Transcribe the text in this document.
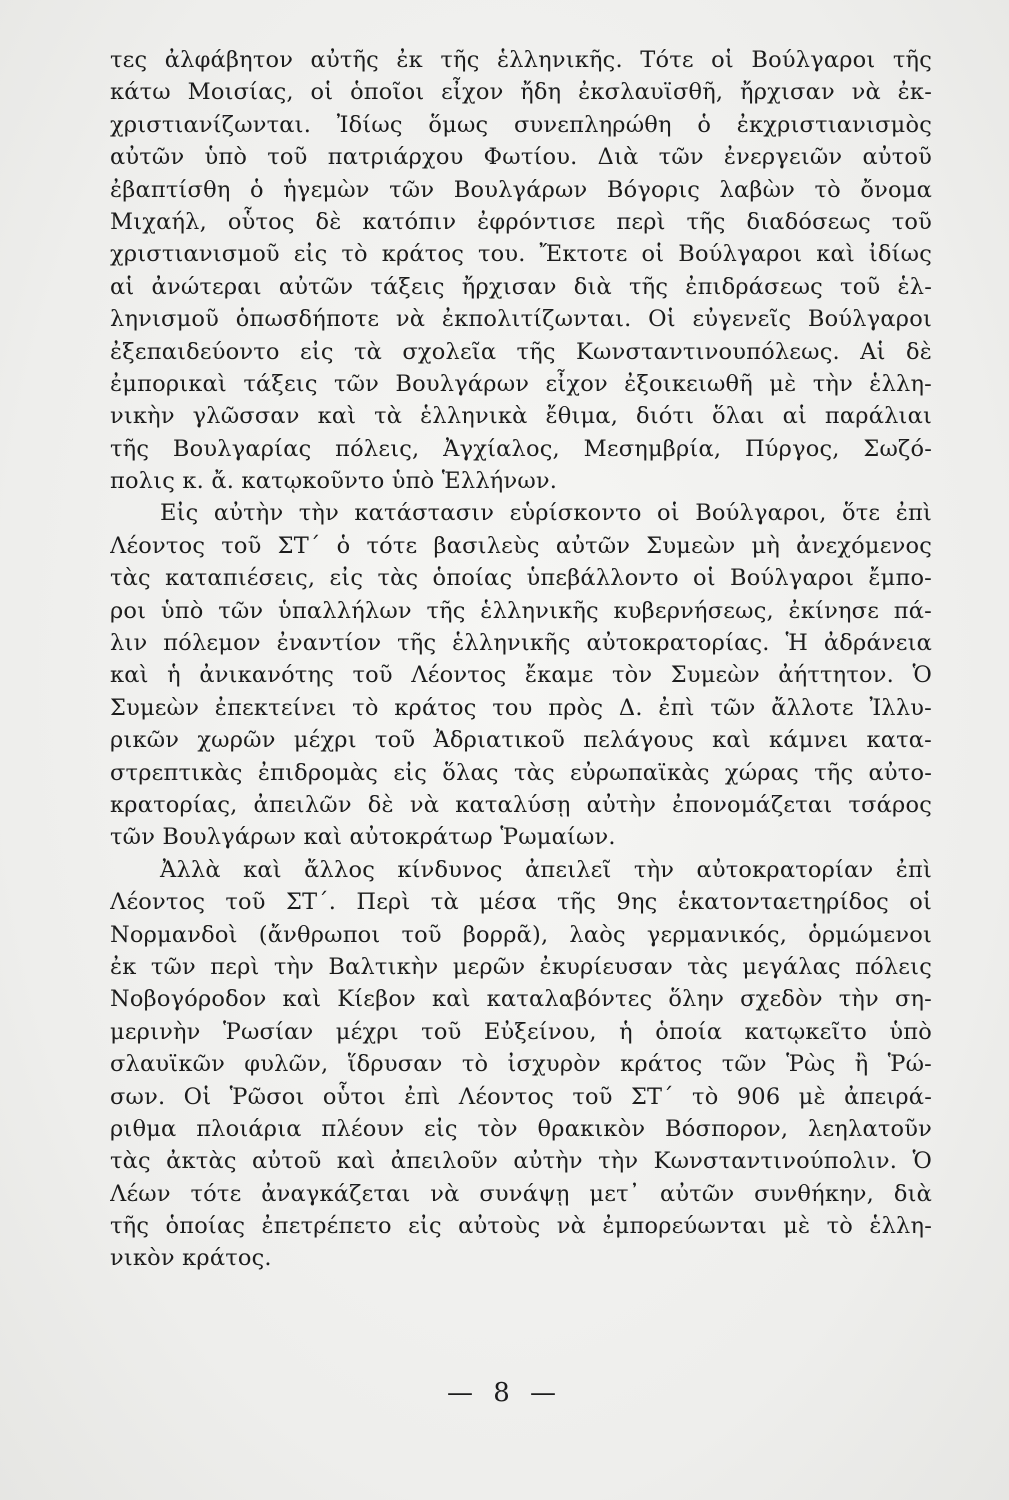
τες ἀλφάβητον αὐτῆς ἐκ τῆς ἑλληνικῆς. Τότε οἱ Βούλγαροι τῆς
κάτω Μοισίας, οἱ ὁποῖοι εἶχον ἤδη ἐκσλαυϊσθῆ, ἤρχισαν νὰ ἐκ-
χριστιανίζωνται. Ἰδίως ὅμως συνεπληρώθη ὁ ἐκχριστιανισμὸς
αὐτῶν ὑπὸ τοῦ πατριάρχου Φωτίου. Διὰ τῶν ἐνεργειῶν αὐτοῦ
ἐβαπτίσθη ὁ ἡγεμὼν τῶν Βουλγάρων Βόγορις λαβὼν τὸ ὄνομα
Μιχαήλ, οὗτος δὲ κατόπιν ἐφρόντισε περὶ τῆς διαδόσεως τοῦ
χριστιανισμοῦ εἰς τὸ κράτος του. Ἔκτοτε οἱ Βούλγαροι καὶ ἰδίως
αἱ ἀνώτεραι αὐτῶν τάξεις ἤρχισαν διὰ τῆς ἐπιδράσεως τοῦ ἑλ-
ληνισμοῦ ὁπωσδήποτε νὰ ἐκπολιτίζωνται. Οἱ εὐγενεῖς Βούλγαροι
ἐξεπαιδεύοντο εἰς τὰ σχολεῖα τῆς Κωνσταντινουπόλεως. Αἱ δὲ
ἐμπορικαὶ τάξεις τῶν Βουλγάρων εἶχον ἐξοικειωθῆ μὲ τὴν ἑλλη-
νικὴν γλῶσσαν καὶ τὰ ἑλληνικὰ ἔθιμα, διότι ὅλαι αἱ παράλιαι
τῆς Βουλγαρίας πόλεις, Ἀγχίαλος, Μεσημβρία, Πύργος, Σωζό-
πολις κ. ἄ. κατῳκοῦντο ὑπὸ Ἑλλήνων.
Εἰς αὐτὴν τὴν κατάστασιν εὑρίσκοντο οἱ Βούλγαροι, ὅτε ἐπὶ
Λέοντος τοῦ ΣΤ΄ ὁ τότε βασιλεὺς αὐτῶν Συμεὼν μὴ ἀνεχόμενος
τὰς καταπιέσεις, εἰς τὰς ὁποίας ὑπεβάλλοντο οἱ Βούλγαροι ἔμπο-
ροι ὑπὸ τῶν ὑπαλλήλων τῆς ἑλληνικῆς κυβερνήσεως, ἐκίνησε πά-
λιν πόλεμον ἐναντίον τῆς ἑλληνικῆς αὐτοκρατορίας. Ἡ ἀδράνεια
καὶ ἡ ἀνικανότης τοῦ Λέοντος ἔκαμε τὸν Συμεὼν ἀήττητον. Ὁ
Συμεὼν ἐπεκτείνει τὸ κράτος του πρὸς Δ. ἐπὶ τῶν ἄλλοτε Ἰλλυ-
ρικῶν χωρῶν μέχρι τοῦ Ἀδριατικοῦ πελάγους καὶ κάμνει κατα-
στρεπτικὰς ἐπιδρομὰς εἰς ὅλας τὰς εὐρωπαϊκὰς χώρας τῆς αὐτο-
κρατορίας, ἀπειλῶν δὲ νὰ καταλύσῃ αὐτὴν ἐπονομάζεται τσάρος
τῶν Βουλγάρων καὶ αὐτοκράτωρ Ῥωμαίων.
Ἀλλὰ καὶ ἄλλος κίνδυνος ἀπειλεῖ τὴν αὐτοκρατορίαν ἐπὶ
Λέοντος τοῦ ΣΤ΄. Περὶ τὰ μέσα τῆς 9ης ἑκατονταετηρίδος οἱ
Νορμανδοὶ (ἄνθρωποι τοῦ βορρᾶ), λαὸς γερμανικός, ὁρμώμενοι
ἐκ τῶν περὶ τὴν Βαλτικὴν μερῶν ἐκυρίευσαν τὰς μεγάλας πόλεις
Νοβογόροδον καὶ Κίεβον καὶ καταλαβόντες ὅλην σχεδὸν τὴν ση-
μερινὴν Ῥωσίαν μέχρι τοῦ Εὐξείνου, ἡ ὁποία κατῳκεῖτο ὑπὸ
σλαυϊκῶν φυλῶν, ἵδρυσαν τὸ ἰσχυρὸν κράτος τῶν Ῥὼς ἢ Ῥώ-
σων. Οἱ Ῥῶσοι οὗτοι ἐπὶ Λέοντος τοῦ ΣΤ΄ τὸ 906 μὲ ἀπειρά-
ριθμα πλοιάρια πλέουν εἰς τὸν θρακικὸν Βόσπορον, λεηλατοῦν
τὰς ἀκτὰς αὐτοῦ καὶ ἀπειλοῦν αὐτὴν τὴν Κωνσταντινούπολιν. Ὁ
Λέων τότε ἀναγκάζεται νὰ συνάψῃ μετ᾽ αὐτῶν συνθήκην, διὰ
τῆς ὁποίας ἐπετρέπετο εἰς αὐτοὺς νὰ ἐμπορεύωνται μὲ τὸ ἑλλη-
νικὸν κράτος.
— 8 —
